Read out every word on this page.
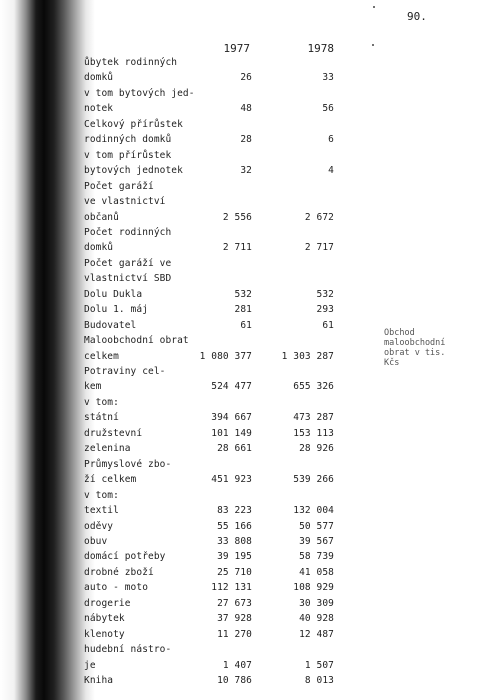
90.
1977	1978
ůbytek rodinných
domků	26	33
v tom bytových jed-
notek	48	56
Celkový přírůstek
rodinných domků	28	6
v tom přírůstek
bytových jednotek	32	4
Počet garáží
ve vlastnictví
občanů	2 556	2 672
Počet rodinných
domků	2 711	2 717
Počet garáží ve
vlastnictví SBD
Dolu Dukla	532	532
Dolu 1. máj	281	293
Budovatel	61	61
Maloobchodní obrat
celkem	1 080 377	1 303 287
Potraviny cel-
kem	524 477	655 326
v tom:
státní	394 667	473 287
družstevní	101 149	153 113
zelenina	28 661	28 926
Průmyslové zbo-
ží celkem	451 923	539 266
v tom:
textil	83 223	132 004
oděvy	55 166	50 577
obuv	33 808	39 567
domácí potřeby	39 195	58 739
drobné zboží	25 710	41 058
auto - moto	112 131	108 929
drogerie	27 673	30 309
nábytek	37 928	40 928
klenoty	11 270	12 487
hudební nástro-
je	1 407	1 507
Kniha	10 786	8 013
Obchod
maloobchodní
obrat v tis.
Kčs
